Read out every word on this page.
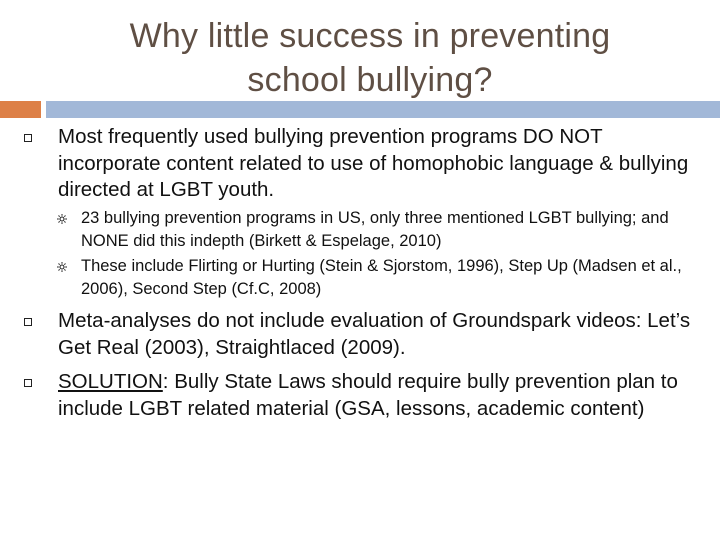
Why little success in preventing
school bullying?
Most frequently used bullying prevention programs DO NOT incorporate content related to use of homophobic language & bullying directed at LGBT youth.
23 bullying prevention programs in US, only three mentioned LGBT bullying; and NONE did this indepth (Birkett & Espelage, 2010)
These include Flirting or Hurting (Stein & Sjorstom, 1996), Step Up (Madsen et al., 2006), Second Step (Cf.C, 2008)
Meta-analyses do not include evaluation of Groundspark videos: Let’s Get Real (2003), Straightlaced (2009).
SOLUTION: Bully State Laws should require bully prevention plan to include LGBT related material (GSA, lessons, academic content)
